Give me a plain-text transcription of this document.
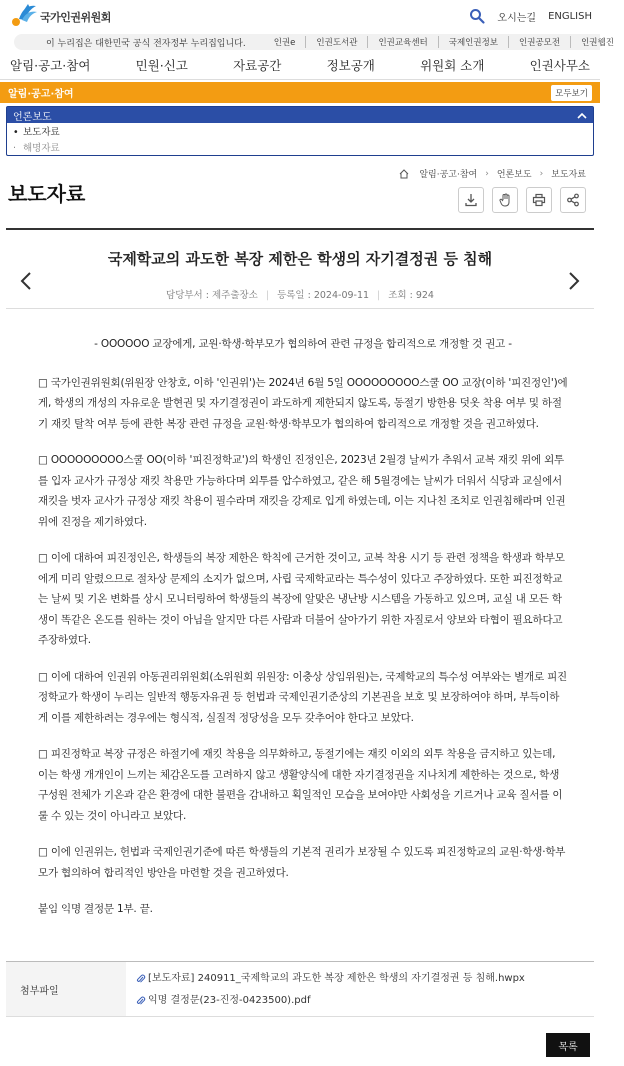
국가인권위원회	오시는길 ENGLISH
이 누리집은 대한민국 공식 전자정부 누리집입니다.	인권e	인권도서관	인권교육센터	국제인권정보	인권공모전	인권웹진
알림·공고·참여	민원·신고	자료공간	정보공개	위원회 소개	인권사무소
알림·공고·참여	모두보기
언론보도
• 보도자료
· 해명자료
알림·공고·참여 › 언론보도 › 보도자료
보도자료
국제학교의 과도한 복장 제한은 학생의 자기결정권 등 침해
담당부서 : 제주출장소 | 등록일 : 2024-09-11 | 조회 : 924

- OOOOOO 교장에게, 교원·학생·학부모가 협의하여 관련 규정을 합리적으로 개정할 것 권고 -

□ 국가인권위원회(위원장 안창호, 이하 '인권위')는 2024년 6월 5일 OOOOOOOOO스쿨 OO 교장(이하 '피진정인')에게, 학생의 개성의 자유로운 발현권 및 자기결정권이 과도하게 제한되지 않도록, 동절기 방한용 덧옷 착용 여부 및 하절기 재킷 탈착 여부 등에 관한 복장 관련 규정을 교원·학생·학부모가 협의하여 합리적으로 개정할 것을 권고하였다.

□ OOOOOOOOO스쿨 OO(이하 '피진정학교')의 학생인 진정인은, 2023년 2월경 날씨가 추워서 교복 재킷 위에 외투를 입자 교사가 규정상 재킷 착용만 가능하다며 외투를 압수하였고, 같은 해 5월경에는 날씨가 더워서 식당과 교실에서 재킷을 벗자 교사가 규정상 재킷 착용이 필수라며 재킷을 강제로 입게 하였는데, 이는 지나친 조치로 인권침해라며 인권위에 진정을 제기하였다.

□ 이에 대하여 피진정인은, 학생들의 복장 제한은 학칙에 근거한 것이고, 교복 착용 시기 등 관련 정책을 학생과 학부모에게 미리 알렸으므로 절차상 문제의 소지가 없으며, 사립 국제학교라는 특수성이 있다고 주장하였다. 또한 피진정학교는 날씨 및 기온 변화를 상시 모니터링하여 학생들의 복장에 알맞은 냉난방 시스템을 가동하고 있으며, 교실 내 모든 학생이 똑같은 온도를 원하는 것이 아님을 알지만 다른 사람과 더불어 살아가기 위한 자질로서 양보와 타협이 필요하다고 주장하였다.

□ 이에 대하여 인권위 아동권리위원회(소위원회 위원장: 이충상 상임위원)는, 국제학교의 특수성 여부와는 별개로 피진정학교가 학생이 누리는 일반적 행동자유권 등 헌법과 국제인권기준상의 기본권을 보호 및 보장하여야 하며, 부득이하게 이를 제한하려는 경우에는 형식적, 실질적 정당성을 모두 갖추어야 한다고 보았다.

□ 피진정학교 복장 규정은 하절기에 재킷 착용을 의무화하고, 동절기에는 재킷 이외의 외투 착용을 금지하고 있는데, 이는 학생 개개인이 느끼는 체감온도를 고려하지 않고 생활양식에 대한 자기결정권을 지나치게 제한하는 것으로, 학생 구성원 전체가 기온과 같은 환경에 대한 불편을 감내하고 획일적인 모습을 보여야만 사회성을 기르거나 교육 질서를 이룰 수 있는 것이 아니라고 보았다.

□ 이에 인권위는, 헌법과 국제인권기준에 따른 학생들의 기본적 권리가 보장될 수 있도록 피진정학교의 교원·학생·학부모가 협의하여 합리적인 방안을 마련할 것을 권고하였다.

붙임 익명 결정문 1부. 끝.

첨부파일
[보도자료] 240911_국제학교의 과도한 복장 제한은 학생의 자기결정권 등 침해.hwpx
익명 결정문(23-진정-0423500).pdf
목록
